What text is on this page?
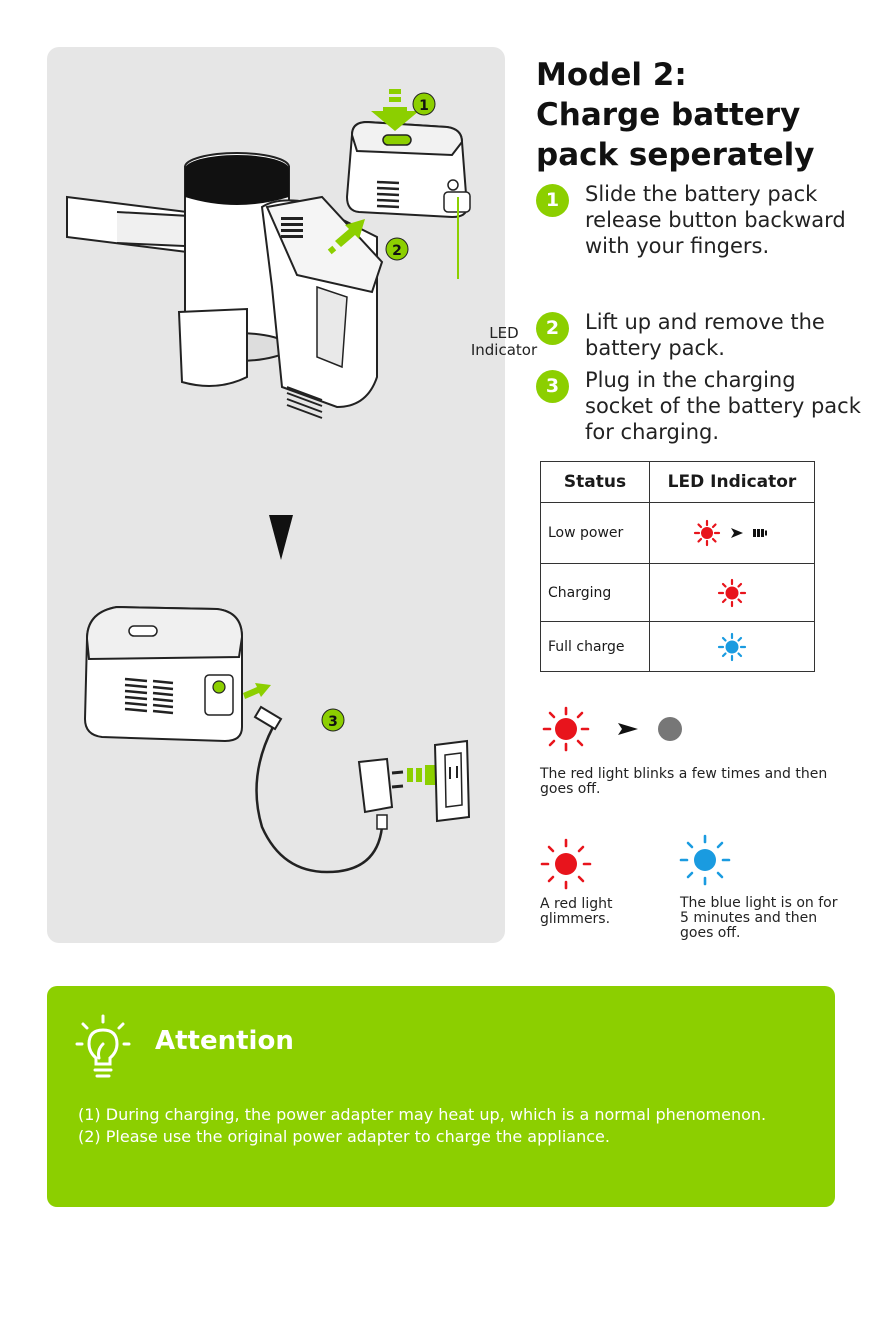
1
2
3
LED
Indicator
Model 2:
Charge battery
pack seperately
1	Slide the battery pack release button backward with your fingers.
2	Lift up and remove the battery pack.
3	Plug in the charging socket of the battery pack for charging.
Status	LED Indicator
Low power	
Charging	
Full charge	
The red light blinks a few times and then goes off.
A red light glimmers.
The blue light is on for 5 minutes and then goes off.
Attention
(1) During charging, the power adapter may heat up, which is a normal phenomenon.
(2) Please use the original power adapter to charge the appliance.
